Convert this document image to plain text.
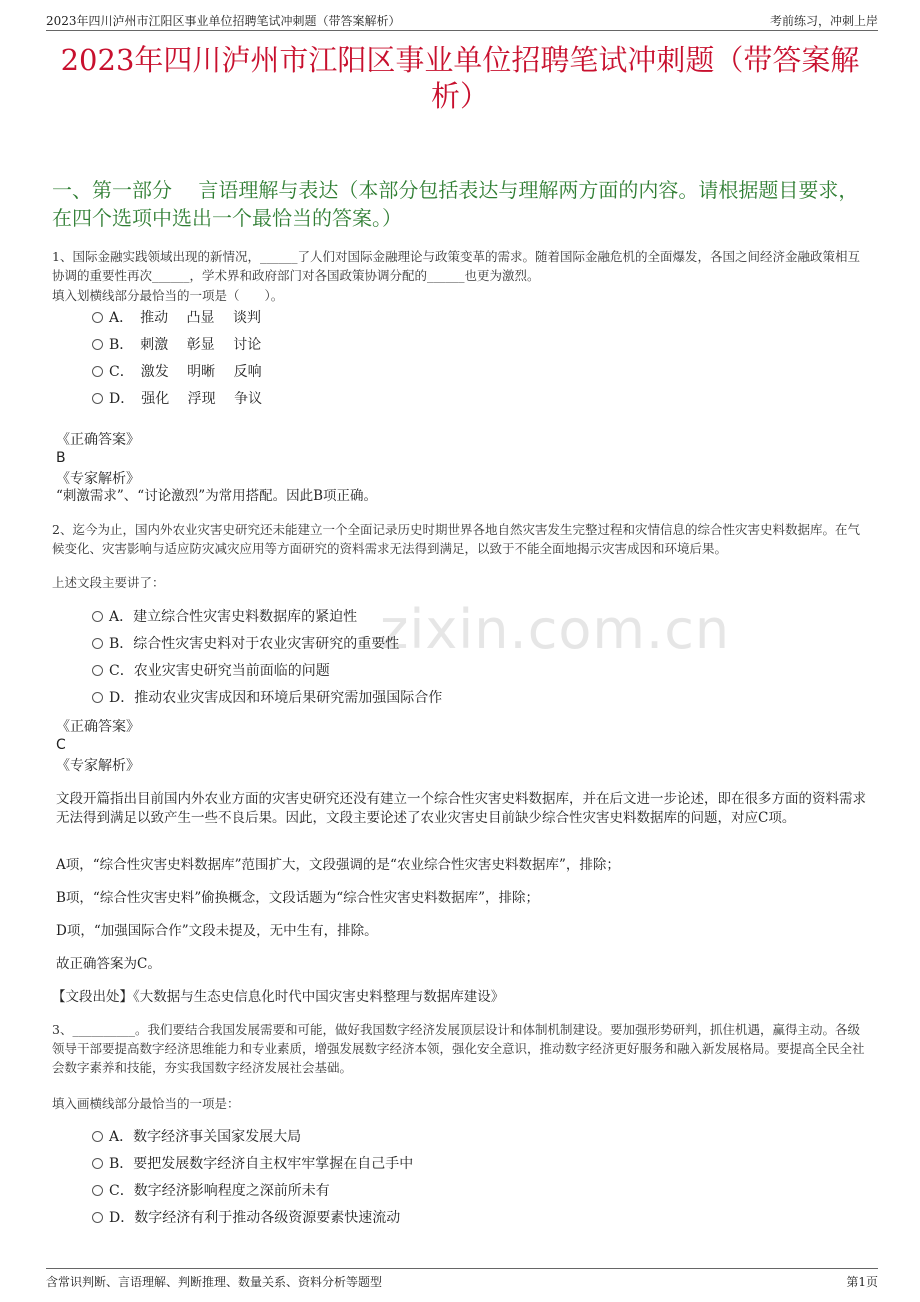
2023年四川泸州市江阳区事业单位招聘笔试冲刺题（带答案解析）	考前练习，冲刺上岸
zixin.com.cn
2023年四川泸州市江阳区事业单位招聘笔试冲刺题（带答案解
析）
一、第一部分　 言语理解与表达（本部分包括表达与理解两方面的内容。请根据题目要求，在四个选项中选出一个最恰当的答案。）
1、国际金融实践领域出现的新情况，______了人们对国际金融理论与政策变革的需求。随着国际金融危机的全面爆发，各国之间经济金融政策相互协调的重要性再次______，学术界和政府部门对各国政策协调分配的______也更为激烈。
填入划横线部分最恰当的一项是（　　）。
A．　推动　 凸显　 谈判
B．　刺激　 彰显　 讨论
C．　激发　 明晰　 反响
D．　强化　 浮现　 争议
《正确答案》
B
《专家解析》
“刺激需求”、“讨论激烈”为常用搭配。因此B项正确。
2、迄今为止，国内外农业灾害史研究还未能建立一个全面记录历史时期世界各地自然灾害发生完整过程和灾情信息的综合性灾害史料数据库。在气候变化、灾害影响与适应防灾减灾应用等方面研究的资料需求无法得到满足，以致于不能全面地揭示灾害成因和环境后果。
上述文段主要讲了：
A．建立综合性灾害史料数据库的紧迫性
B．综合性灾害史料对于农业灾害研究的重要性
C．农业灾害史研究当前面临的问题
D．推动农业灾害成因和环境后果研究需加强国际合作
《正确答案》
C
《专家解析》
文段开篇指出目前国内外农业方面的灾害史研究还没有建立一个综合性灾害史料数据库，并在后文进一步论述，即在很多方面的资料需求无法得到满足以致产生一些不良后果。因此，文段主要论述了农业灾害史目前缺少综合性灾害史料数据库的问题，对应C项。
A项，“综合性灾害史料数据库”范围扩大，文段强调的是“农业综合性灾害史料数据库”，排除；
B项，“综合性灾害史料”偷换概念，文段话题为“综合性灾害史料数据库”，排除；
D项，“加强国际合作”文段未提及，无中生有，排除。
故正确答案为C。
【文段出处】《大数据与生态史信息化时代中国灾害史料整理与数据库建设》
3、__________。我们要结合我国发展需要和可能，做好我国数字经济发展顶层设计和体制机制建设。要加强形势研判，抓住机遇，赢得主动。各级领导干部要提高数字经济思维能力和专业素质，增强发展数字经济本领，强化安全意识，推动数字经济更好服务和融入新发展格局。要提高全民全社会数字素养和技能，夯实我国数字经济发展社会基础。
填入画横线部分最恰当的一项是：
A．数字经济事关国家发展大局
B．要把发展数字经济自主权牢牢掌握在自己手中
C．数字经济影响程度之深前所未有
D．数字经济有利于推动各级资源要素快速流动
含常识判断、言语理解、判断推理、数量关系、资料分析等题型	第1页
